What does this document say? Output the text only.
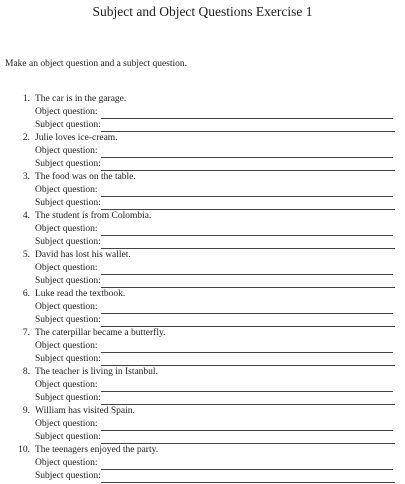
Subject and Object Questions Exercise 1
Make an object question and a subject question.
1. The car is in the garage.
Object question:
Subject question:
2. Julie loves ice-cream.
Object question:
Subject question:
3. The food was on the table.
Object question:
Subject question:
4. The student is from Colombia.
Object question:
Subject question:
5. David has lost his wallet.
Object question:
Subject question:
6. Luke read the textbook.
Object question:
Subject question:
7. The caterpillar became a butterfly.
Object question:
Subject question:
8. The teacher is living in Istanbul.
Object question:
Subject question:
9. William has visited Spain.
Object question:
Subject question:
10. The teenagers enjoyed the party.
Object question:
Subject question:
